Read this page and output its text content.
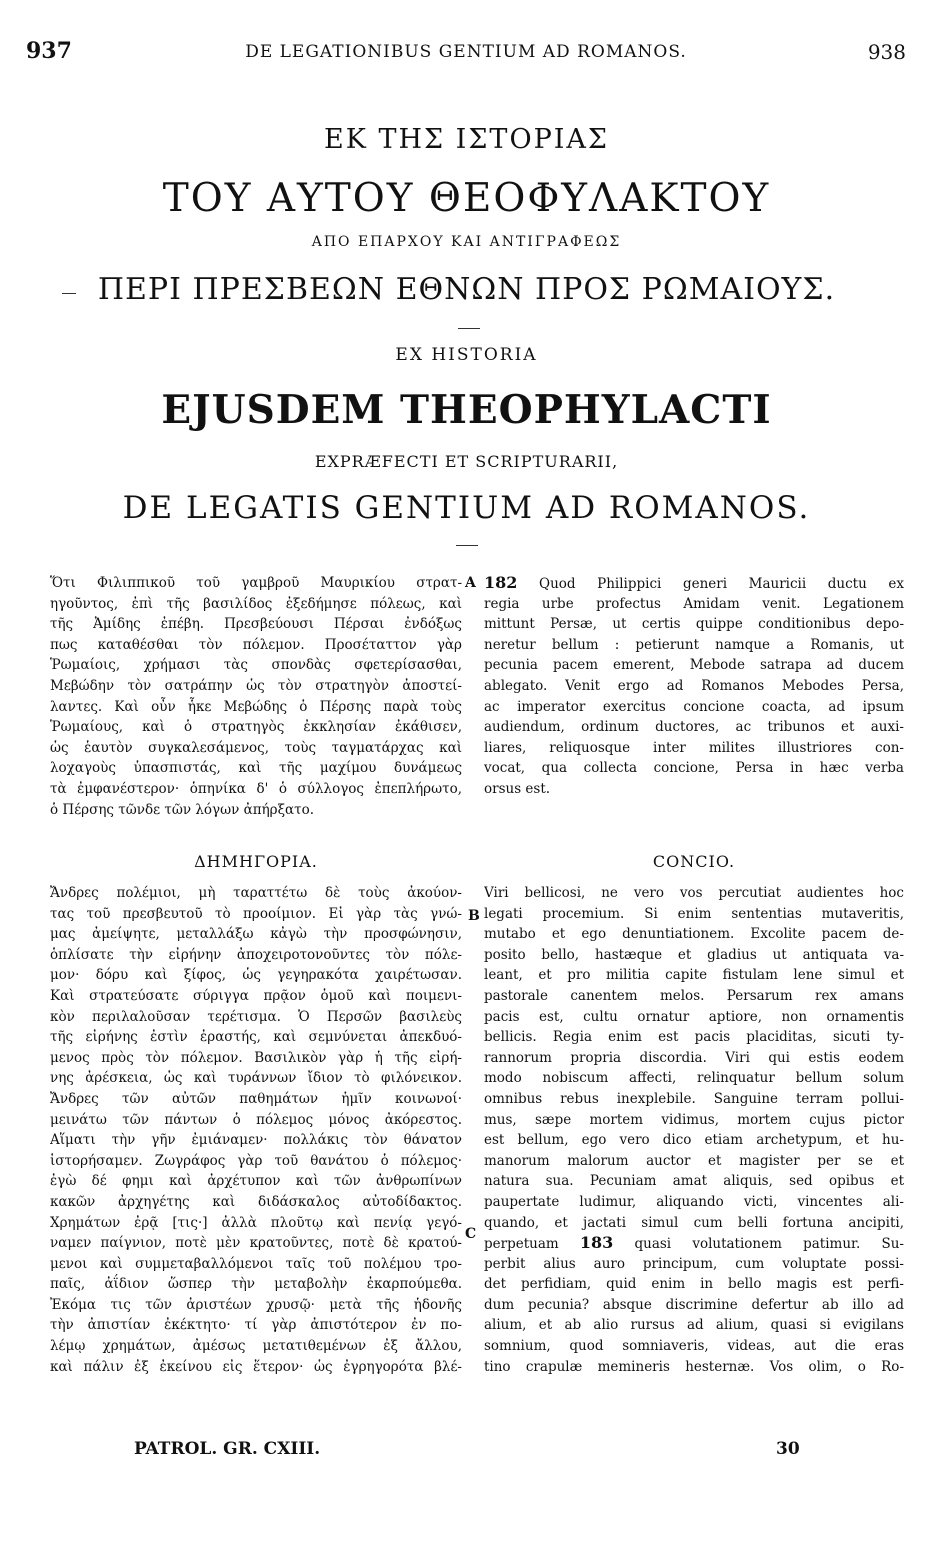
937	DE LEGATIONIBUS GENTIUM AD ROMANOS.	938
ΕΚ ΤΗΣ ΙΣΤΟΡΙΑΣ
ΤΟΥ ΑΥΤΟΥ ΘΕΟΦΥΛΑΚΤΟΥ
ΑΠΟ ΕΠΑΡΧΟΥ ΚΑΙ ΑΝΤΙΓΡΑΦΕΩΣ
ΠΕΡΙ ΠΡΕΣΒΕΩΝ ΕΘΝΩΝ ΠΡΟΣ ΡΩΜΑΙΟΥΣ.
EX HISTORIA
EJUSDEM THEOPHYLACTI
EXPRÆFECTI ET SCRIPTURARII,
DE LEGATIS GENTIUM AD ROMANOS.
A
B
C
Ὅτι Φιλιππικοῦ τοῦ γαμβροῦ Μαυρικίου στρατ-
ηγοῦντος, ἐπὶ τῆς βασιλίδος ἐξεδήμησε πόλεως, καὶ
τῆς Ἀμίδης ἐπέβη. Πρεσβεύουσι Πέρσαι ἐνδόξως
πως καταθέσθαι τὸν πόλεμον. Προσέταττον γὰρ
Ῥωμαίοις, χρήμασι τὰς σπονδὰς σφετερίσασθαι,
Μεβώδην τὸν σατράπην ὡς τὸν στρατηγὸν ἀποστεί-
λαντες. Καὶ οὖν ἧκε Μεβώδης ὁ Πέρσης παρὰ τοὺς
Ῥωμαίους, καὶ ὁ στρατηγὸς ἐκκλησίαν ἐκάθισεν,
ὡς ἑαυτὸν συγκαλεσάμενος, τοὺς ταγματάρχας καὶ
λοχαγοὺς ὑπασπιστάς, καὶ τῆς μαχίμου δυνάμεως
τὰ ἐμφανέστερον· ὁπηνίκα δ' ὁ σύλλογος ἐπεπλήρωτο,
ὁ Πέρσης τῶνδε τῶν λόγων ἀπήρξατο.
182 Quod Philippici generi Mauricii ductu ex
regia urbe profectus Amidam venit. Legationem
mittunt Persæ, ut certis quippe conditionibus depo-
neretur bellum : petierunt namque a Romanis, ut
pecunia pacem emerent, Mebode satrapa ad ducem
ablegato. Venit ergo ad Romanos Mebodes Persa,
ac imperator exercitus concione coacta, ad ipsum
audiendum, ordinum ductores, ac tribunos et auxi-
liares, reliquosque inter milites illustriores con-
vocat, qua collecta concione, Persa in hæc verba
orsus est.
ΔΗΜΗΓΟΡΙΑ.	CONCIO.
Ἄνδρες πολέμιοι, μὴ ταραττέτω δὲ τοὺς ἀκούον-
τας τοῦ πρεσβευτοῦ τὸ προοίμιον. Εἰ γὰρ τὰς γνώ-
μας ἀμείψητε, μεταλλάξω κἀγὼ τὴν προσφώνησιν,
ὁπλίσατε τὴν εἰρήνην ἀποχειροτονοῦντες τὸν πόλε-
μον· δόρυ καὶ ξίφος, ὡς γεγηρακότα χαιρέτωσαν.
Καὶ στρατεύσατε σύριγγα πρᾷον ὁμοῦ καὶ ποιμενι-
κὸν περιλαλοῦσαν τερέτισμα. Ὁ Περσῶν βασιλεὺς
τῆς εἰρήνης ἐστὶν ἐραστής, καὶ σεμνύνεται ἀπεκδυό-
μενος πρὸς τὸν πόλεμον. Βασιλικὸν γὰρ ἡ τῆς εἰρή-
νης ἀρέσκεια, ὡς καὶ τυράννων ἴδιον τὸ φιλόνεικον.
Ἄνδρες τῶν αὐτῶν παθημάτων ἡμῖν κοινωνοί·
μεινάτω τῶν πάντων ὁ πόλεμος μόνος ἀκόρεστος.
Αἵματι τὴν γῆν ἐμιάναμεν· πολλάκις τὸν θάνατον
ἱστορήσαμεν. Ζωγράφος γὰρ τοῦ θανάτου ὁ πόλεμος·
ἐγὼ δέ φημι καὶ ἀρχέτυπον καὶ τῶν ἀνθρωπίνων
κακῶν ἀρχηγέτης καὶ διδάσκαλος αὐτοδίδακτος.
Χρημάτων ἐρᾷ [τις·] ἀλλὰ πλοῦτῳ καὶ πενίᾳ γεγό-
ναμεν παίγνιον, ποτὲ μὲν κρατοῦντες, ποτὲ δὲ κρατού-
μενοι καὶ συμμεταβαλλόμενοι ταῖς τοῦ πολέμου τρο-
παῖς, ἀΐδιον ὥσπερ τὴν μεταβολὴν ἐκαρπούμεθα.
Ἐκόμα τις τῶν ἀριστέων χρυσῷ· μετὰ τῆς ἡδονῆς
τὴν ἀπιστίαν ἐκέκτητο· τί γὰρ ἀπιστότερον ἐν πο-
λέμῳ χρημάτων, ἀμέσως μετατιθεμένων ἐξ ἄλλου,
καὶ πάλιν ἐξ ἐκείνου εἰς ἕτερον· ὡς ἐγρηγορότα βλέ-
Viri bellicosi, ne vero vos percutiat audientes hoc
legati procemium. Si enim sententias mutaveritis,
mutabo et ego denuntiationem. Excolite pacem de-
posito bello, hastæque et gladius ut antiquata va-
leant, et pro militia capite fistulam lene simul et
pastorale canentem melos. Persarum rex amans
pacis est, cultu ornatur aptiore, non ornamentis
bellicis. Regia enim est pacis placiditas, sicuti ty-
rannorum propria discordia. Viri qui estis eodem
modo nobiscum affecti, relinquatur bellum solum
omnibus rebus inexplebile. Sanguine terram pollui-
mus, sæpe mortem vidimus, mortem cujus pictor
est bellum, ego vero dico etiam archetypum, et hu-
manorum malorum auctor et magister per se et
natura sua. Pecuniam amat aliquis, sed opibus et
paupertate ludimur, aliquando victi, vincentes ali-
quando, et jactati simul cum belli fortuna ancipiti,
perpetuam 183 quasi volutationem patimur. Su-
perbit alius auro principum, cum voluptate possi-
det perfidiam, quid enim in bello magis est perfi-
dum pecunia? absque discrimine defertur ab illo ad
alium, et ab alio rursus ad alium, quasi si evigilans
somnium, quod somniaveris, videas, aut die eras
tino crapulæ memineris hesternæ. Vos olim, o Ro-
PATROL. GR. CXIII.	30
